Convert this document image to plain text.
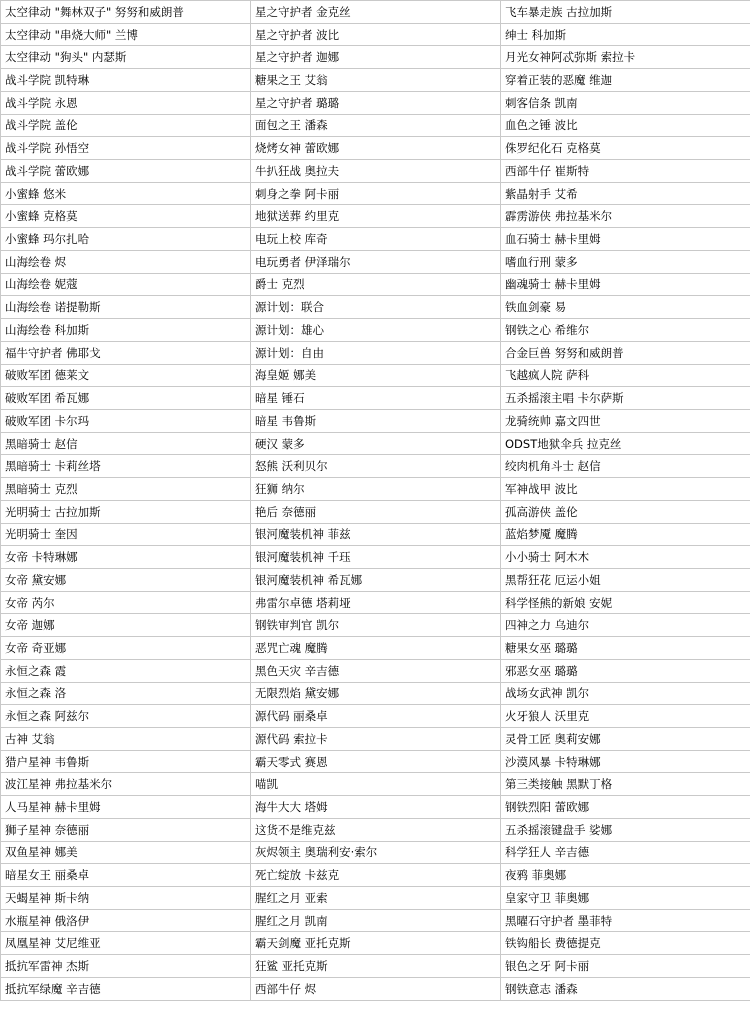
太空律动 "舞林双子" 努努和威朗普	星之守护者 金克丝	飞车暴走族 古拉加斯
太空律动 "串烧大师" 兰博	星之守护者 波比	绅士 科加斯
太空律动 "狗头" 内瑟斯	星之守护者 迦娜	月光女神阿忒弥斯 索拉卡
战斗学院 凯特琳	糖果之王 艾翁	穿着正装的恶魔 维迦
战斗学院 永恩	星之守护者 璐璐	刺客信条 凯南
战斗学院 盖伦	面包之王 潘森	血色之锤 波比
战斗学院 孙悟空	烧烤女神 蕾欧娜	侏罗纪化石 克格莫
战斗学院 蕾欧娜	牛扒狂战 奥拉夫	西部牛仔 崔斯特
小蜜蜂 悠米	刺身之拳 阿卡丽	紫晶射手 艾希
小蜜蜂 克格莫	地狱送葬 约里克	霹雳游侠 弗拉基米尔
小蜜蜂 玛尔扎哈	电玩上校 库奇	血石骑士 赫卡里姆
山海绘卷 烬	电玩勇者 伊泽瑞尔	嗜血行刑 蒙多
山海绘卷 妮蔻	爵士 克烈	幽魂骑士 赫卡里姆
山海绘卷 诺提勒斯	源计划：联合	铁血剑豪 易
山海绘卷 科加斯	源计划：雄心	钢铁之心 希维尔
福牛守护者 佛耶戈	源计划：自由	合金巨兽 努努和威朗普
破败军团 德莱文	海皇姬 娜美	飞越疯人院 萨科
破败军团 希瓦娜	暗星 锤石	五杀摇滚主唱 卡尔萨斯
破败军团 卡尔玛	暗星 韦鲁斯	龙骑统帅 嘉文四世
黑暗骑士 赵信	硬汉 蒙多	ODST地狱伞兵 拉克丝
黑暗骑士 卡莉丝塔	怒熊 沃利贝尔	绞肉机角斗士 赵信
黑暗骑士 克烈	狂狮 纳尔	军神战甲 波比
光明骑士 古拉加斯	艳后 奈德丽	孤高游侠 盖伦
光明骑士 奎因	银河魔装机神 菲兹	蓝焰梦魇 魔腾
女帝 卡特琳娜	银河魔装机神 千珏	小小骑士 阿木木
女帝 黛安娜	银河魔装机神 希瓦娜	黑帮狂花 厄运小姐
女帝 芮尔	弗雷尔卓德 塔莉垭	科学怪熊的新娘 安妮
女帝 迦娜	钢铁审判官 凯尔	四神之力 乌迪尔
女帝 奇亚娜	恶咒亡魂 魔腾	糖果女巫 璐璐
永恒之森 霞	黑色天灾 辛吉德	邪恶女巫 璐璐
永恒之森 洛	无限烈焰 黛安娜	战场女武神 凯尔
永恒之森 阿兹尔	源代码 丽桑卓	火牙狼人 沃里克
古神 艾翁	源代码 索拉卡	灵骨工匠 奥莉安娜
猎户星神 韦鲁斯	霸天零式 赛恩	沙漠风暴 卡特琳娜
波江星神 弗拉基米尔	喵凯	第三类接触 黑默丁格
人马星神 赫卡里姆	海牛大大 塔姆	钢铁烈阳 蕾欧娜
狮子星神 奈德丽	这货不是维克兹	五杀摇滚键盘手 娑娜
双鱼星神 娜美	灰烬领主 奥瑞利安·索尔	科学狂人 辛吉德
暗星女王 丽桑卓	死亡绽放 卡兹克	夜鸦 菲奥娜
天蝎星神 斯卡纳	腥红之月 亚索	皇家守卫 菲奥娜
水瓶星神 俄洛伊	腥红之月 凯南	黑曜石守护者 墨菲特
凤凰星神 艾尼维亚	霸天剑魔 亚托克斯	铁钩船长 费德提克
抵抗军雷神 杰斯	狂鲨 亚托克斯	银色之牙 阿卡丽
抵抗军绿魔 辛吉德	西部牛仔 烬	钢铁意志 潘森
